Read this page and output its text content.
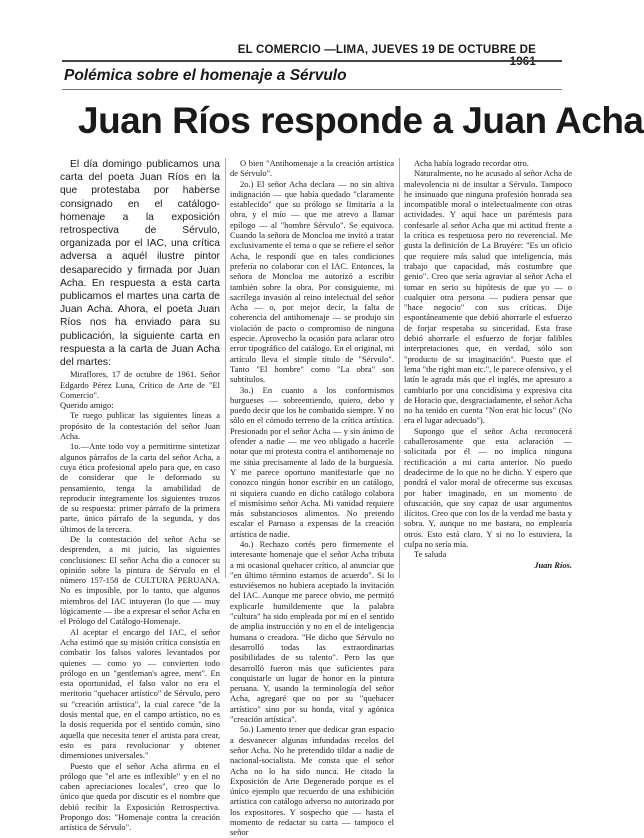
EL COMERCIO —LIMA, JUEVES 19 DE OCTUBRE DE 1961
Polémica sobre el homenaje a Sérvulo
Juan Ríos responde a Juan Acha

El día domingo publicamos una carta del poeta Juan Ríos en la que protestaba por haberse consignado en el catálogo-homenaje a la exposición retrospectiva de Sérvulo, organizada por el IAC, una crítica adversa a aquél ilustre pintor desaparecido y firmada por Juan Acha. En respuesta a esta carta publicamos el martes una carta de Juan Acha. Ahora, el poeta Juan Ríos nos ha enviado para su publicación, la siguiente carta en respuesta a la carta de Juan Acha del martes:

Miraflores, 17 de octubre de 1961. Señor Edgardo Pérez Luna, Crítico de Arte de "El Comercio".

Querido amigo:

Te ruego publicar las siguientes líneas a propósito de la contestación del señor Juan Acha.

1o.—Ante todo voy a permitirme sintetizar algunos párrafos de la carta del señor Acha, a cuya ética profesional apelo para que, en caso de considerar que le deformado su pensamiento, tenga la amabilidad de reproducir íntegramente los siguientes trozos de su respuesta: primer párrafo de la primera parte, único párrafo de la segunda, y dos últimos de la tercera.

De la contestación del señor Acha se desprenden, a mi juicio, las siguientes conclusiones: El señor Acha dio a conocer su opinión sobre la pintura de Sérvulo en el número 157-158 de CULTURA PERUANA. No es imposible, por lo tanto, que algunos miembros del IAC intuyeran (lo que — muy lógicamente — ibe a expresar el señor Acha en el Prólogo del Catálogo-Homenaje.

Al aceptar el encargo del IAC, el señor Acha estimó que su misión crítica consistía en combatir los falsos valores levantados por quienes — como yo — convierten todo prólogo en un "gentleman's agree, ment". En esta oportunidad, el falso valor no era el meritorio "quehacer artístico" de Sérvulo, pero su "creación artística", la cual carece "de la dosis mental que, en el campo artístico, no es la dosis requerida por el sentido común, sino aquella que necesita tener el artista para crear, esto es para revolucionar y obtener dimensiones universales."

Puesto que el señor Acha afirma en el prólogo que "el arte es inflexible" y en el no caben apreciaciones locales", creo que lo único que queda por discutir es el nombre que debió recibir la Exposición Retrospectiva. Propongo dos: "Homenaje contra la creación artística de Sérvulo".

O bien "Antihomenaje a la creación artística de Sérvulo".

2o.) El señor Acha declara — no sin altiva indignación — que había quedado "claramente establecido" que su prólogo se limitaría a la obra, y el mío — que me atrevo a llamar epílogo — al "hombre Sérvulo". Se equivoca. Cuando la señora de Moncloa me invitó a tratar exclusivamente el tema o que se refiere el señor Acha, le respondí que en tales condiciones prefería no colaborar con el IAC. Entonces, la señora de Moncloa me autorizó a escribir también sobre la obra. Por consiguiente, mi sacrílega invasión al reino intelectual del señor Acha — o, por mejor decir, la falta de coherencia del antihomenaje — se produjo sin violación de pacto o compromiso de ninguna especie. Aprovecho la ocasión para aclarar otro error tipográfico del catálogo. En el original, mi artículo lleva el simple título de "Sérvulo". Tanto "El hombre" como "La obra" son subtítulos.

3o.) En cuanto a los conformismos burgueses — sobreentiendo, quiero, debo y puedo decir que los he combatido siempre. Y no sólo en el cómodo terreno de la crítica artística. Presionado por el señor Acha — y sin ánimo de ofender a nadie — me veo obligado a hacerle notar que mi protesta contra el antihomenaje no me sitúa precisamente al lado de la burguesía. Y me parece oportuno manifestarle que no conozco ningún honor escribir en un catálogo, ni siquiera cuando en dicho catálogo colabora el mismísimo señor Acha. Mi vanidad requiere más substanciosos alimentos. No pretendo escalar el Parnaso a expensas de la creación artística de nadie.

4o.) Rechazo cortés pero firmemente el interesante homenaje que el señor Acha tributa a mi ocasional quehacer crítico, al anunciar que "en último término estamos de acuerdo". Si lo estuviésemos no hubiera aceptado la invitación del IAC. Aunque me parece obvio, me permitó explicarle humildemente que la palabra "cultura" ha sido empleada por mí en el sentido de amplia instrucción y no en el de inteligencia humana o creadora. "He dicho que Sérvulo no desarrolló todas las extraordinarias posibilidades de su talento". Pero las que desarrolló fueron más que suficientes para conquistarle un lugar de honor en la pintura peruana. Y, usando la terminología del señor Acha, agregaré que no por su "quehacer artístico" sino por su honda, vital y agónica "creación artística".

5o.) Lamento tener que dedicar gran espacio a desvanecer algunas infundadas recelos del señor Acha. No he pretendido tildar a nadie de nacional-socialista. Me consta que el señor Acha no lo ha sido nunca. He citado la Exposición de Arte Degenerado porque es el único ejemplo que recuerdo de una exhibición artística con catálogo adverso no autorizado por los expositores. Y sospecho que — hasta el momento de redactar su carta — tampoco el señor

Acha había logrado recordar otro.

Naturalmente, no he acusado al señor Acha de malevolencia ni de insultar a Sérvulo. Tampoco he insinuado que ninguna profesión honrada sea incompatible moral o intelectualmente con otras actividades. Y aquí hace un paréntesis para confesarle al señor Acha que mi actitud frente a la crítica es respetuosa pero no reverencial. Me gusta la definición de La Bruyère: "Es un oficio que requiere más salud que inteligencia, más trabajo que capacidad, más costumbre que genio". Creo que sería agraviar al señor Acha el tomar en serio su hipótesis de que yo — o cualquier otra persona — pudiera pensar que "hace negocio" con sus críticas. Dije espontáneamente que debió ahorrarle el esfuerzo de forjar respetaba su sinceridad. Esta frase debió ahorrarle el esfuerzo de forjar falibles interpretaciones que, en verdad, sólo son "producto de su imaginación". Puesto que el lema "the right man etc.", le parece ofensivo, y el latín le agrada más que el inglés, me apresuro a cambiarlo por una concidísima y expresiva cita de Horacio que, desgraciadamente, el señor Acha no ha tenido en cuenta "Non erat hic locus" (No era el lugar adecuado").

Supongo que el señor Acha reconocerá caballerosamente que esta aclaración — solicitada por él — no implica ninguna rectificación a mi carta anterior. No puedo deadecirme de lo que no he dicho. Y espero que pondrá el valor moral de ofrecerme sus excusas por haber imaginado, en un momento de ofuscación, que soy capaz de usar argumentos ilícitos. Creo que con los de la verdad me basta y sobra. Y, aunque no me bastara, no emplearía otros. Esto está claro. Y si no lo estuviera, la culpa no sería mía.

Te saluda

Juan Ríos.
